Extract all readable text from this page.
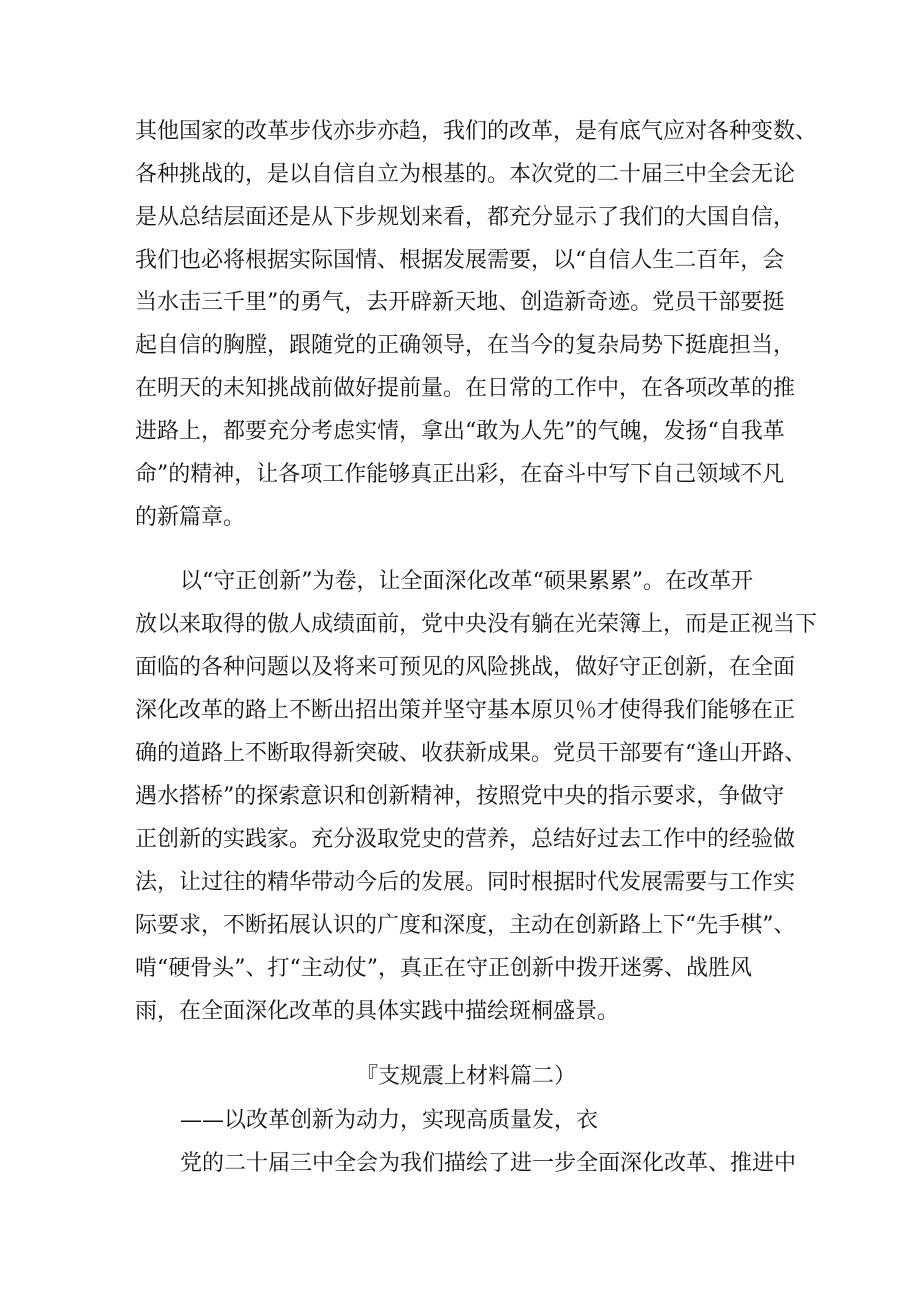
其他国家的改革步伐亦步亦趋，我们的改革，是有底气应对各种变数、
各种挑战的，是以自信自立为根基的。本次党的二十届三中全会无论
是从总结层面还是从下步规划来看，都充分显示了我们的大国自信，
我们也必将根据实际国情、根据发展需要，以“自信人生二百年，会
当水击三千里”的勇气，去开辟新天地、创造新奇迹。党员干部要挺
起自信的胸膛，跟随党的正确领导，在当今的复杂局势下挺鹿担当，
在明天的未知挑战前做好提前量。在日常的工作中，在各项改革的推
进路上，都要充分考虑实情，拿出“敢为人先”的气魄，发扬“自我革
命”的精神，让各项工作能够真正出彩，在奋斗中写下自己领域不凡
的新篇章。
以“守正创新”为卷，让全面深化改革“硕果累累”。在改革开
放以来取得的傲人成绩面前，党中央没有躺在光荣簿上，而是正视当下
面临的各种问题以及将来可预见的风险挑战，做好守正创新，在全面
深化改革的路上不断出招出策并坚守基本原贝％才使得我们能够在正
确的道路上不断取得新突破、收获新成果。党员干部要有“逢山开路、
遇水搭桥”的探索意识和创新精神，按照党中央的指示要求，争做守
正创新的实践家。充分汲取党史的营养，总结好过去工作中的经验做
法，让过往的精华带动今后的发展。同时根据时代发展需要与工作实
际要求，不断拓展认识的广度和深度，主动在创新路上下“先手棋”、
啃“硬骨头”、打“主动仗”，真正在守正创新中拨开迷雾、战胜风
雨，在全面深化改革的具体实践中描绘斑桐盛景。
『支规震上材料篇二）
——以改革创新为动力，实现高质量发，衣
党的二十届三中全会为我们描绘了进一步全面深化改革、推进中
